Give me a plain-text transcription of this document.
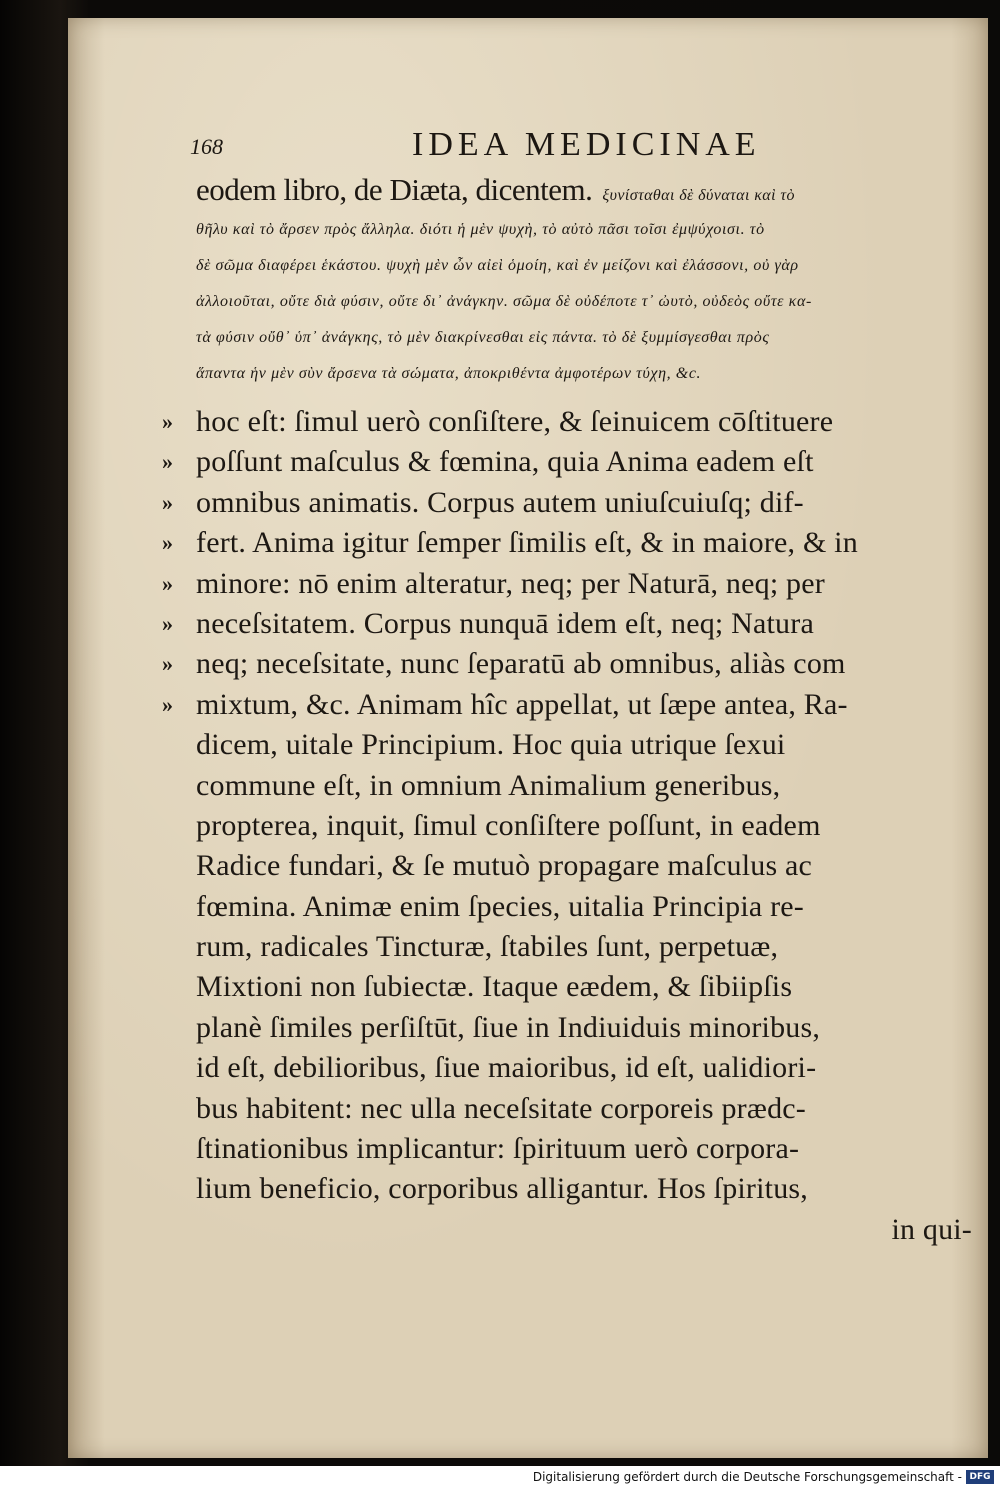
168	IDEA MEDICINAE
eodem libro, de Diæta, dicentem. ξυνίσταθαι δὲ δύναται καὶ τὸ
θῆλυ καὶ τὸ ἄρσεν πρὸς ἄλληλα. διότι ἡ μὲν ψυχὴ, τὸ αὐτὸ πᾶσι τοῖσι ἐμψύχοισι. τὸ
δὲ σῶμα διαφέρει ἑκάστου. ψυχὴ μὲν ὦν αἰεὶ ὁμοίη, καὶ ἐν μείζονι καὶ ἐλάσσονι, οὐ γὰρ
ἀλλοιοῦται, οὔτε διὰ φύσιν, οὔτε δι᾽ ἀνάγκην. σῶμα δὲ οὐδέποτε τ᾽ ὠυτὸ, οὐδεὸς οὔτε κα-
τὰ φύσιν οὔθ᾽ ὑπ᾽ ἀνάγκης, τὸ μὲν διακρίνεσθαι εἰς πάντα. τὸ δὲ ξυμμίσγεσθαι πρὸς
ἅπαντα ἡν μὲν σὺν ἄρσενα τὰ σώματα, ἀποκριθέντα ἀμφοτέρων τύχη, &c.
» hoc eſt: ſimul uerò conſiſtere, & ſeinuicem cōſtituere
» poſſunt maſculus & fœmina, quia Anima eadem eſt
» omnibus animatis. Corpus autem uniuſcuiuſq; dif-
» fert. Anima igitur ſemper ſimilis eſt, & in maiore, & in
» minore: nō enim alteratur, neq; per Naturā, neq; per
» neceſsitatem. Corpus nunquā idem eſt, neq; Natura
» neq; neceſsitate, nunc ſeparatū ab omnibus, aliàs com
» mixtum, &c. Animam hîc appellat, ut ſæpe antea, Ra-
dicem, uitale Principium. Hoc quia utrique ſexui
commune eſt, in omnium Animalium generibus,
propterea, inquit, ſimul conſiſtere poſſunt, in eadem
Radice fundari, & ſe mutuò propagare maſculus ac
fœmina. Animæ enim ſpecies, uitalia Principia re-
rum, radicales Tincturæ, ſtabiles ſunt, perpetuæ,
Mixtioni non ſubiectæ. Itaque eædem, & ſibiipſis
planè ſimiles perſiſtūt, ſiue in Indiuiduis minoribus,
id eſt, debilioribus, ſiue maioribus, id eſt, ualidiori-
bus habitent: nec ulla neceſsitate corporeis prædc-
ſtinationibus implicantur: ſpirituum uerò corpora-
lium beneficio, corporibus alligantur. Hos ſpiritus,
in qui-
Digitalisierung gefördert durch die Deutsche Forschungsgemeinschaft - DFG
